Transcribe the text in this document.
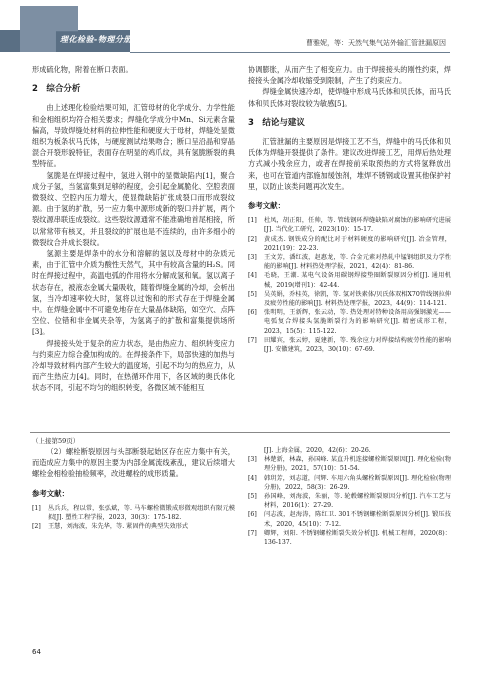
理化检验-物理分册	曹雅妮，等：天然气集气站外输汇管泄漏原因

形成硫化物，附着在断口表面。

2　综合分析

由上述理化检验结果可知，汇管母材的化学成分、力学性能和金相组织均符合相关要求；焊缝化学成分中Mn、Si元素含量偏高，导致焊缝处材料的拉伸性能和硬度大于母材，焊缝处显微组织为板条状马氏体，与硬度测试结果吻合；断口呈沿晶和穿晶混合开裂形貌特征，表面存在明显的鸡爪纹，具有氢脆断裂的典型特征。

氢脆是在焊接过程中，氢进入钢中的显微缺陷内[1]，聚合成分子氢，当氢富集到足够的程度，会引起金属脆化、空腔表面微裂纹、空腔内压力增大，使显微缺陷扩张成裂口而形成裂纹源。由于氢的扩散，另一应力集中源形成新的裂口并扩展，两个裂纹源串联连成裂纹。这些裂纹源通常不能准确地首尾相接，所以常常带有核叉，并且裂纹的扩展也是不连续的，由许多细小的微裂纹合并成长裂纹。

氢源主要是焊条中的水分和溶解的氢以及母材中的杂质元素，由于汇管中介质为酸性天然气，其中有较高含量的H₂S。同时在焊接过程中，高温电弧的作用将水分解成氢和氧。氢以离子状态存在，被液态金属大量吸收，随着焊缝金属的冷却，会析出氢，当冷却速率较大时，氢将以过饱和的形式存在于焊缝金属中。在焊缝金属中不可避免地存在大量晶体缺陷，如空穴、点阵空位、位错和非金属夹杂等，为氢离子的扩散和富集提供场所[3]。

焊接接头处于复杂的应力状态，是由热应力、组织转变应力与约束应力综合叠加构成的。在焊接条件下，局部快速的加热与冷却导致材料内部产生较大的温度场，引起不均匀的热应力，从而产生热应力[4]。同时，在热循环作用下，各区域的奥氏体化状态不同，引起不均匀的组织转变，各微区域不能相互

协调膨胀，从而产生了相变应力。由于焊接接头的刚性约束，焊接接头金属冷却收缩受到限制，产生了约束应力。

焊缝金属快速冷却，使焊缝中形成马氏体和贝氏体，而马氏体和贝氏体对裂纹较为敏感[5]。

3　结论与建议

汇管泄漏的主要原因是焊接工艺不当，焊缝中的马氏体和贝氏体为焊缝开裂提供了条件。建议改进焊接工艺，用焊后热处理方式减小残余应力，或者在焊接前采取预热的方式将氢释放出来，也可在管道内部施加缓蚀剂，堆焊不锈钢或设置其他保护衬里，以防止该类问题再次发生。

参考文献：
[1]	杜凤，胡正阳，任帅，等. 管线钢环焊缝缺陷对腐蚀的影响研究进展[J]. 当代化工研究，2023(10)：15-17.
[2]	黄成杰. 钢铁成分的配比对于材料硬度的影响研究[J]. 冶金管理，2021(19)：22-23.
[3]	王文芳，潘红波，赵惠龙，等. 合金元素对热轧中锰钢组织及力学性能的影响[J]. 材料热处理学报，2021，42(4)：81-86.
[4]	毛晓，王潮. 某电气设备用碳钢焊接垫圈断裂原因分析[J]. 通用机械，2019(增刊1)：42-44.
[5]	吴英娟，乔桂英，徐凯，等. 氢对铁素体/贝氏体双相X70管线钢拉伸及疲劳性能的影响[J]. 材料热处理学报，2023，44(9)：114-121.
[6]	张明明，王新辉，张云动，等. 热处理对特种设备用高强钢激光——电弧复合焊接头氢脆断裂行为的影响研究[J]. 精密成形工程，2023，15(5)：115-122.
[7]	田耀宾，张云婷，夏建新，等. 残余应力对焊接结构疲劳性能的影响[J]. 安徽建筑，2023，30(10)：67-69.
（上接第59页）

（2）螺栓断裂原因与头部断裂起始区存在应力集中有关，而造成应力集中的原因主要为内部金属流线紊乱，建议后续增大螺栓金相检验抽检频率，改进螺栓的成形质量。

参考文献：
[1]	丛兵兵，程以常，张弘斌，等. 马车螺栓微锻成形微观组织有限元模拟[J]. 塑性工程学报，2023，30(3)：175-182.
[2]	王慧，刘海波，朱先华，等. 紧固件的典型失效形式
[J]. 上海金属，2020，42(6)：20-26.
[3]	林楚新，林森，孙国峰. 某直升机连接螺栓断裂原因[J]. 理化检验(物理分册)，2021，57(10)：51-54.
[4]	韩玥芳，刘志道，闫辉. 车用六角头螺栓断裂原因[J]. 理化检验(物理分册)，2022，58(3)：26-29.
[5]	孙国峰，刘海波，朱丽，等. 轮毂螺栓断裂原因分析[J]. 汽车工艺与材料，2016(1)：27-29.
[6]	闫志波，赵海涛，陈红卫. 301不锈钢螺栓断裂原因分析[J]. 锻压技术，2020，45(10)：7-12.
[7]	卿辉，刘阳. 不锈钢螺栓断裂失效分析[J]. 机械工程师，2020(8)：136-137.
64
